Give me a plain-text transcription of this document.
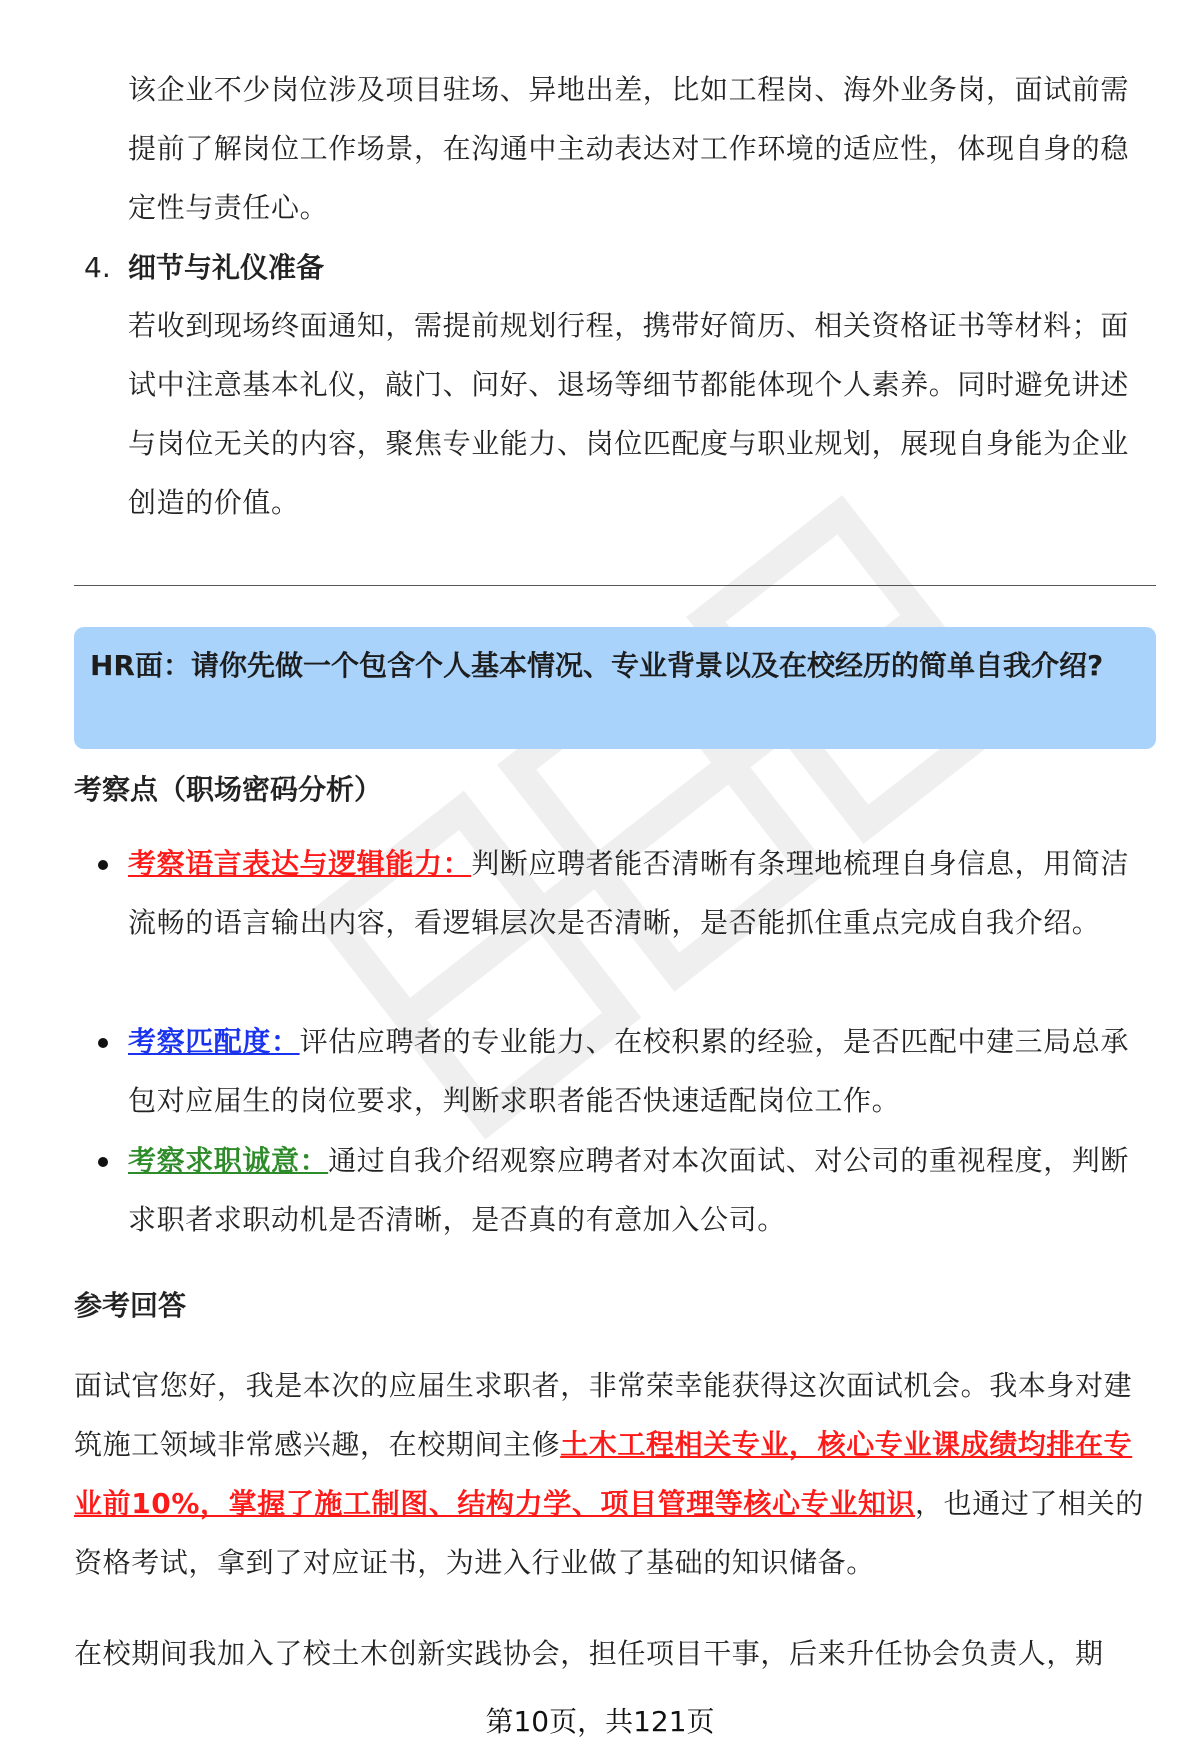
该企业不少岗位涉及项目驻场、异地出差，比如工程岗、海外业务岗，面试前需提前了解岗位工作场景，在沟通中主动表达对工作环境的适应性，体现自身的稳定性与责任心。
4. 细节与礼仪准备
若收到现场终面通知，需提前规划行程，携带好简历、相关资格证书等材料；面试中注意基本礼仪，敲门、问好、退场等细节都能体现个人素养。同时避免讲述与岗位无关的内容，聚焦专业能力、岗位匹配度与职业规划，展现自身能为企业创造的价值。
HR面：请你先做一个包含个人基本情况、专业背景以及在校经历的简单自我介绍?
考察点（职场密码分析）
考察语言表达与逻辑能力：判断应聘者能否清晰有条理地梳理自身信息，用简洁流畅的语言输出内容，看逻辑层次是否清晰，是否能抓住重点完成自我介绍。
考察匹配度：评估应聘者的专业能力、在校积累的经验，是否匹配中建三局总承包对应届生的岗位要求，判断求职者能否快速适配岗位工作。
考察求职诚意：通过自我介绍观察应聘者对本次面试、对公司的重视程度，判断求职者求职动机是否清晰，是否真的有意加入公司。
参考回答
面试官您好，我是本次的应届生求职者，非常荣幸能获得这次面试机会。我本身对建筑施工领域非常感兴趣，在校期间主修土木工程相关专业，核心专业课成绩均排在专业前10%，掌握了施工制图、结构力学、项目管理等核心专业知识，也通过了相关的资格考试，拿到了对应证书，为进入行业做了基础的知识储备。
在校期间我加入了校土木创新实践协会，担任项目干事，后来升任协会负责人，期
第10页，共121页
